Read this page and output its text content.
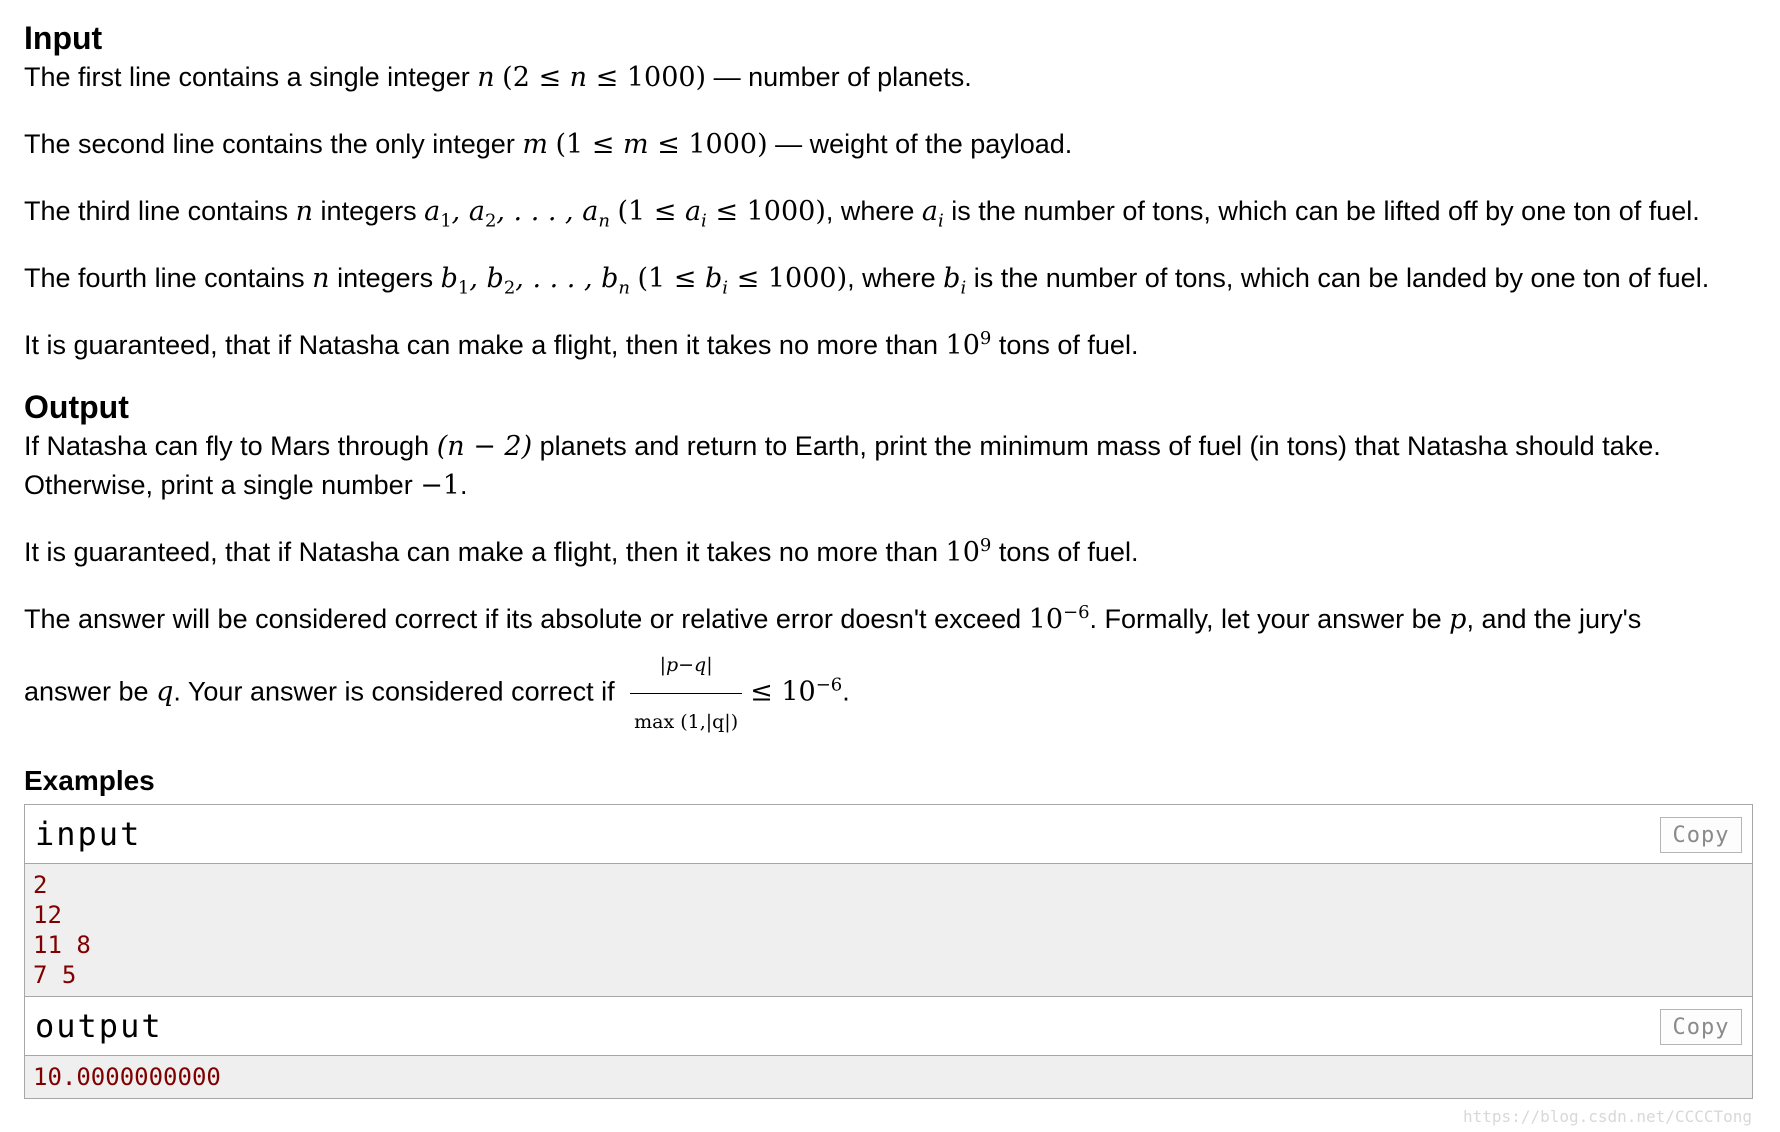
Input

The first line contains a single integer n (2 ≤ n ≤ 1000) — number of planets.

The second line contains the only integer m (1 ≤ m ≤ 1000) — weight of the payload.

The third line contains n integers $a_1$, $a_2$, . . . , $a_n$ $(1 \le a_i \le 1000)$, where $a_i$ is the number of tons, which can be lifted off by one ton of fuel.

The fourth line contains n integers $b_1$, $b_2$, . . . , $b_n$ $(1 \le b_i \le 1000)$, where $b_i$ is the number of tons, which can be landed by one ton of fuel.

It is guaranteed, that if Natasha can make a flight, then it takes no more than $10^9$ tons of fuel.

Output

If Natasha can fly to Mars through (n − 2) planets and return to Earth, print the minimum mass of fuel (in tons) that Natasha should take.

Otherwise, print a single number −1.

It is guaranteed, that if Natasha can make a flight, then it takes no more than $10^9$ tons of fuel.

The answer will be considered correct if its absolute or relative error doesn't exceed $10^{-6}$. Formally, let your answer be p, and the jury's

answer be q. Your answer is considered correct if $\frac{|p-q|}{\max (1,|q|)} \le 10^{-6}$.

Examples
input	Copy
2
12
11 8
7 5
output	Copy
10.0000000000
https://blog.csdn.net/CCCCTong
